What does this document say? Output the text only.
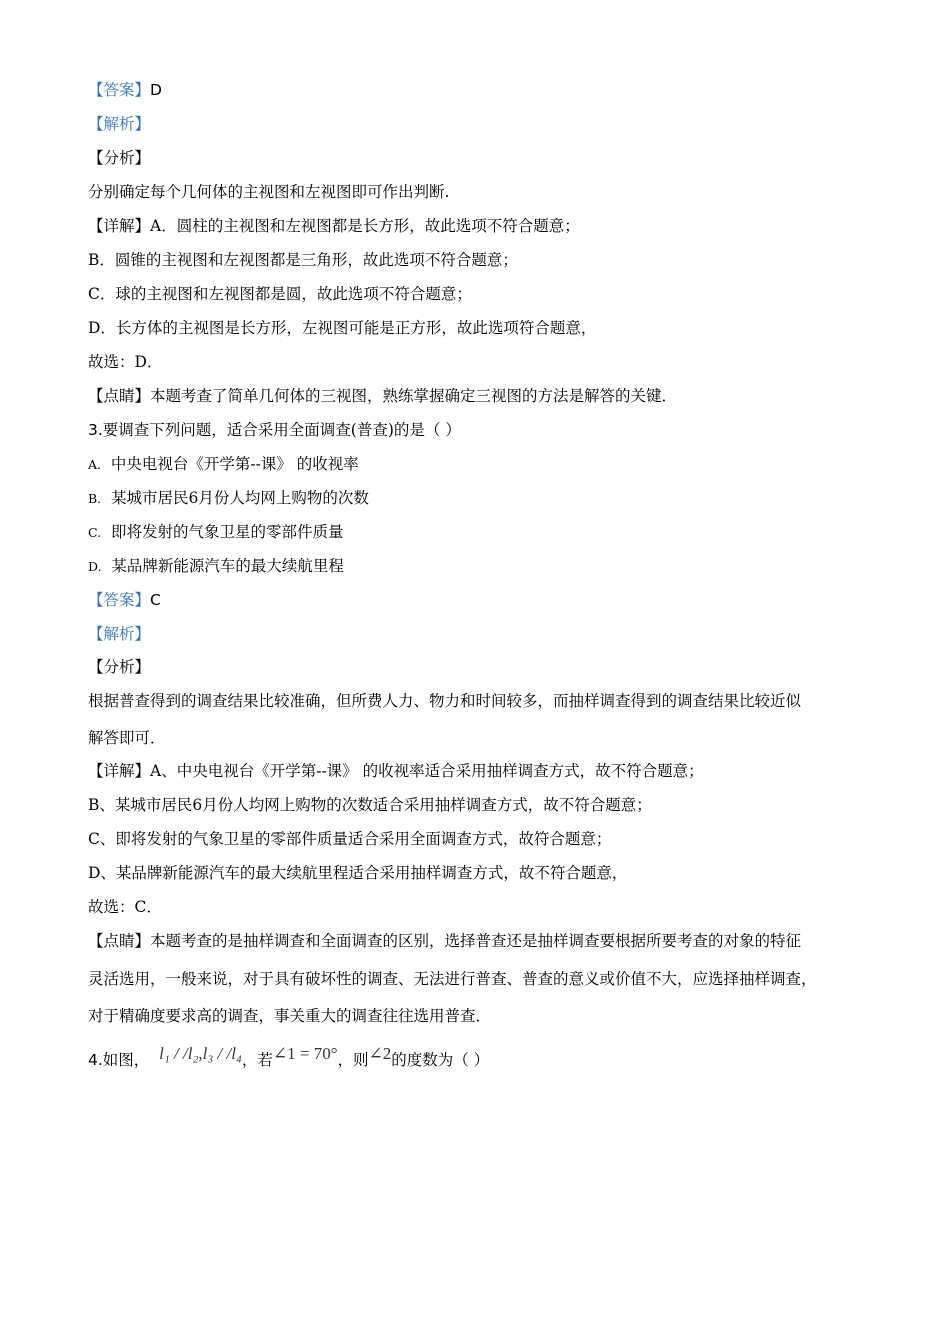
【答案】D
【解析】
【分析】
分别确定每个几何体的主视图和左视图即可作出判断.
【详解】A．圆柱的主视图和左视图都是长方形，故此选项不符合题意；
B．圆锥的主视图和左视图都是三角形，故此选项不符合题意；
C．球的主视图和左视图都是圆，故此选项不符合题意；
D．长方体的主视图是长方形，左视图可能是正方形，故此选项符合题意，
故选：D．
【点睛】本题考查了简单几何体的三视图，熟练掌握确定三视图的方法是解答的关键．
3.要调查下列问题，适合采用全面调查(普查)的是（ ）
A. 中央电视台《开学第--课》 的收视率
B. 某城市居民6月份人均网上购物的次数
C. 即将发射的气象卫星的零部件质量
D. 某品牌新能源汽车的最大续航里程
【答案】C
【解析】
【分析】
根据普查得到的调查结果比较准确，但所费人力、物力和时间较多，而抽样调查得到的调查结果比较近似
解答即可．
【详解】A、中央电视台《开学第--课》 的收视率适合采用抽样调查方式，故不符合题意；
B、某城市居民6月份人均网上购物的次数适合采用抽样调查方式，故不符合题意；
C、即将发射的气象卫星的零部件质量适合采用全面调查方式，故符合题意；
D、某品牌新能源汽车的最大续航里程适合采用抽样调查方式，故不符合题意，
故选：C．
【点睛】本题考查的是抽样调查和全面调查的区别，选择普查还是抽样调查要根据所要考查的对象的特征
灵活选用，一般来说，对于具有破坏性的调查、无法进行普查、普查的意义或价值不大，应选择抽样调查，
对于精确度要求高的调查，事关重大的调查往往选用普查．
4.如图， l₁ / /l₂,l₃ / /l₄，若∠1 = 70°，则∠2的度数为（ ）
